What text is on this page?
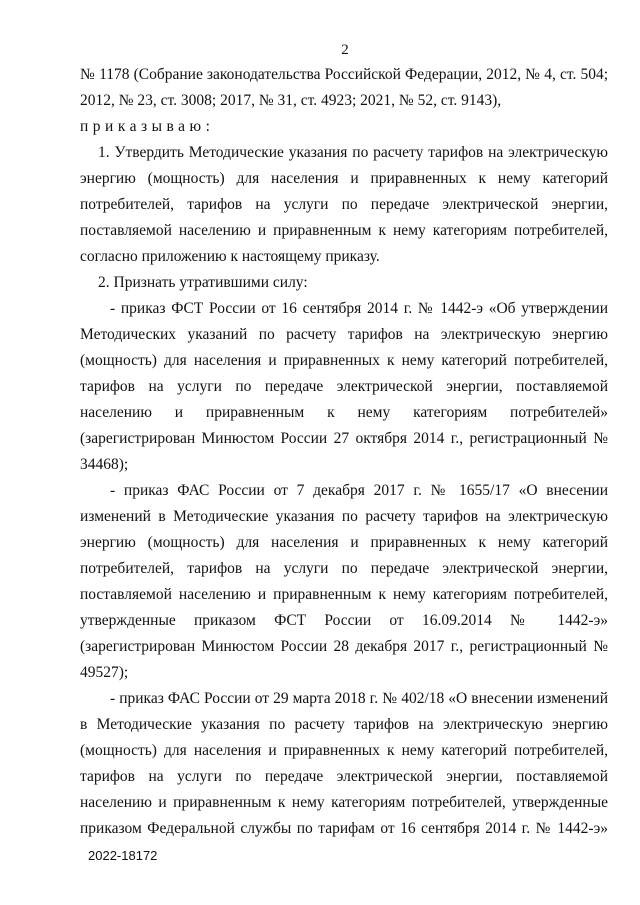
2

№ 1178 (Собрание законодательства Российской Федерации, 2012, № 4, ст. 504; 2012, № 23, ст. 3008; 2017, № 31, ст. 4923; 2021, № 52, ст. 9143),

приказываю:

1. Утвердить Методические указания по расчету тарифов на электрическую энергию (мощность) для населения и приравненных к нему категорий потребителей, тарифов на услуги по передаче электрической энергии, поставляемой населению и приравненным к нему категориям потребителей, согласно приложению к настоящему приказу.

2. Признать утратившими силу:

- приказ ФСТ России от 16 сентября 2014 г. № 1442-э «Об утверждении Методических указаний по расчету тарифов на электрическую энергию (мощность) для населения и приравненных к нему категорий потребителей, тарифов на услуги по передаче электрической энергии, поставляемой населению и приравненным к нему категориям потребителей» (зарегистрирован Минюстом России 27 октября 2014 г., регистрационный № 34468);

- приказ ФАС России от 7 декабря 2017 г. № 1655/17 «О внесении изменений в Методические указания по расчету тарифов на электрическую энергию (мощность) для населения и приравненных к нему категорий потребителей, тарифов на услуги по передаче электрической энергии, поставляемой населению и приравненным к нему категориям потребителей, утвержденные приказом ФСТ России от 16.09.2014 № 1442-э» (зарегистрирован Минюстом России 28 декабря 2017 г., регистрационный № 49527);

- приказ ФАС России от 29 марта 2018 г. № 402/18 «О внесении изменений в Методические указания по расчету тарифов на электрическую энергию (мощность) для населения и приравненных к нему категорий потребителей, тарифов на услуги по передаче электрической энергии, поставляемой населению и приравненным к нему категориям потребителей, утвержденные приказом Федеральной службы по тарифам от 16 сентября 2014 г. № 1442-э»

2022-18172
